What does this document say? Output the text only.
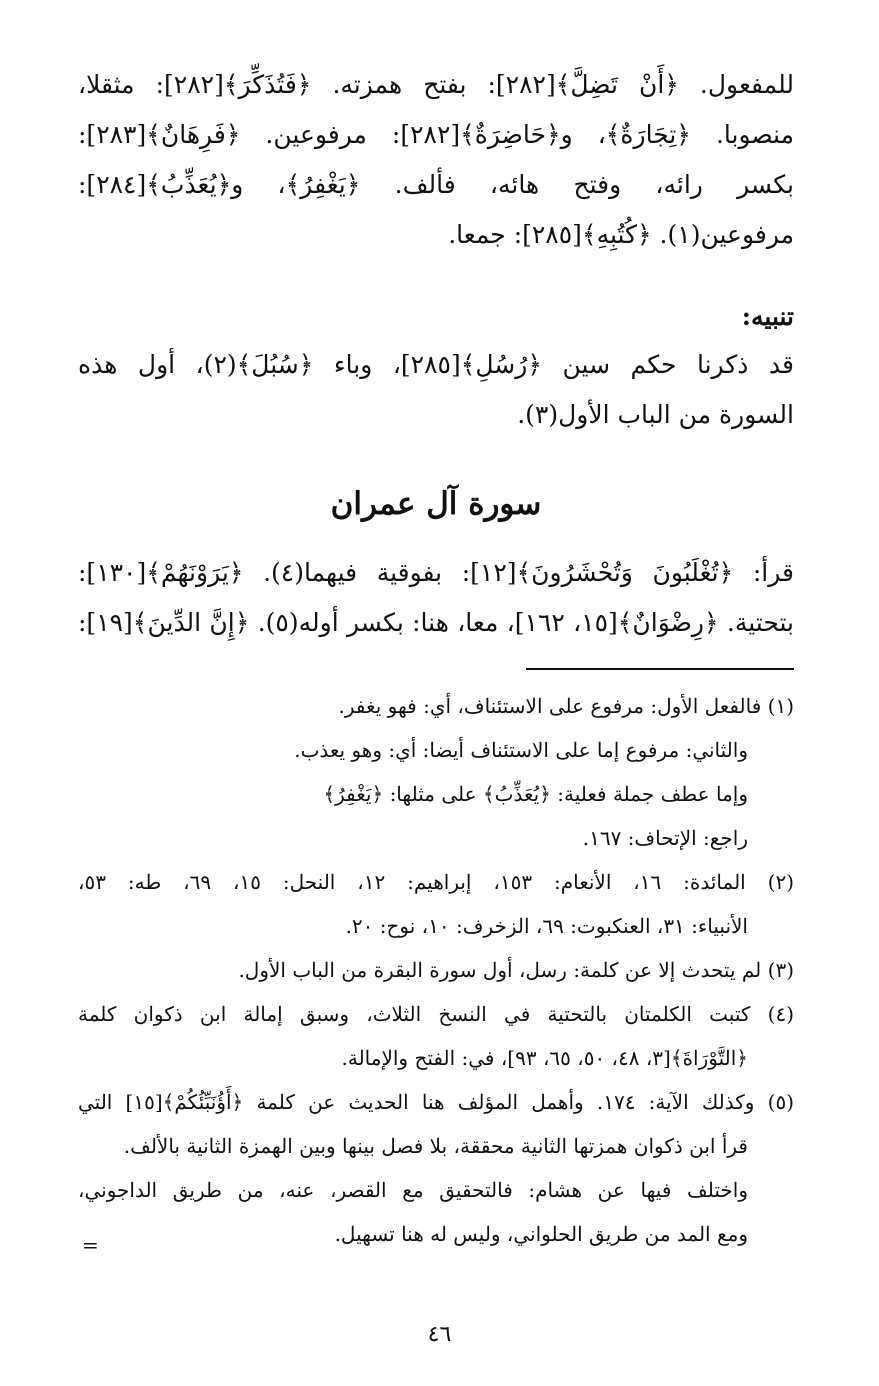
للمفعول. ﴿أَنْ تَضِلَّ﴾[٢٨٢]: بفتح همزته. ﴿فَتُذَكِّرَ﴾[٢٨٢]: مثقلا،
منصوبا. ﴿تِجَارَةٌ﴾، و﴿حَاضِرَةٌ﴾[٢٨٢]: مرفوعين. ﴿فَرِهَانٌ﴾[٢٨٣]:
بكسر رائه، وفتح هائه، فألف. ﴿يَغْفِرُ﴾، و﴿يُعَذِّبُ﴾[٢٨٤]:
مرفوعين(١). ﴿كُتُبِهِ﴾[٢٨٥]: جمعا.
تنبيه:
قد ذكرنا حكم سين ﴿رُسُلِ﴾[٢٨٥]، وباء ﴿سُبُلَ﴾(٢)، أول هذه
السورة من الباب الأول(٣).
سورة آل عمران
قرأ: ﴿تُغْلَبُونَ وَتُحْشَرُونَ﴾[١٢]: بفوقية فيهما(٤). ﴿يَرَوْنَهُمْ﴾[١٣٠]:
بتحتية. ﴿رِضْوَانٌ﴾[١٥، ١٦٢]، معا، هنا: بكسر أوله(٥). ﴿إِنَّ الدِّينَ﴾[١٩]:
(١) فالفعل الأول: مرفوع على الاستئناف، أي: فهو يغفر.
والثاني: مرفوع إما على الاستئناف أيضا: أي: وهو يعذب.
وإما عطف جملة فعلية: ﴿يُعَذِّبُ﴾ على مثلها: ﴿يَغْفِرُ﴾
راجع: الإتحاف: ١٦٧.
(٢) المائدة: ١٦، الأنعام: ١٥٣، إبراهيم: ١٢، النحل: ١٥، ٦٩، طه: ٥٣،
الأنبياء: ٣١، العنكبوت: ٦٩، الزخرف: ١٠، نوح: ٢٠.
(٣) لم يتحدث إلا عن كلمة: رسل، أول سورة البقرة من الباب الأول.
(٤) كتبت الكلمتان بالتحتية في النسخ الثلاث، وسبق إمالة ابن ذكوان كلمة
﴿التَّوْرَاةَ﴾[٣، ٤٨، ٥٠، ٦٥، ٩٣]، في: الفتح والإمالة.
(٥) وكذلك الآية: ١٧٤. وأهمل المؤلف هنا الحديث عن كلمة ﴿أَؤُنَبِّئُكُمْ﴾[١٥] التي
قرأ ابن ذكوان همزتها الثانية محققة، بلا فصل بينها وبين الهمزة الثانية بالألف.
واختلف فيها عن هشام: فالتحقيق مع القصر، عنه، من طريق الداجوني،
ومع المد من طريق الحلواني، وليس له هنا تسهيل.
=
٤٦
